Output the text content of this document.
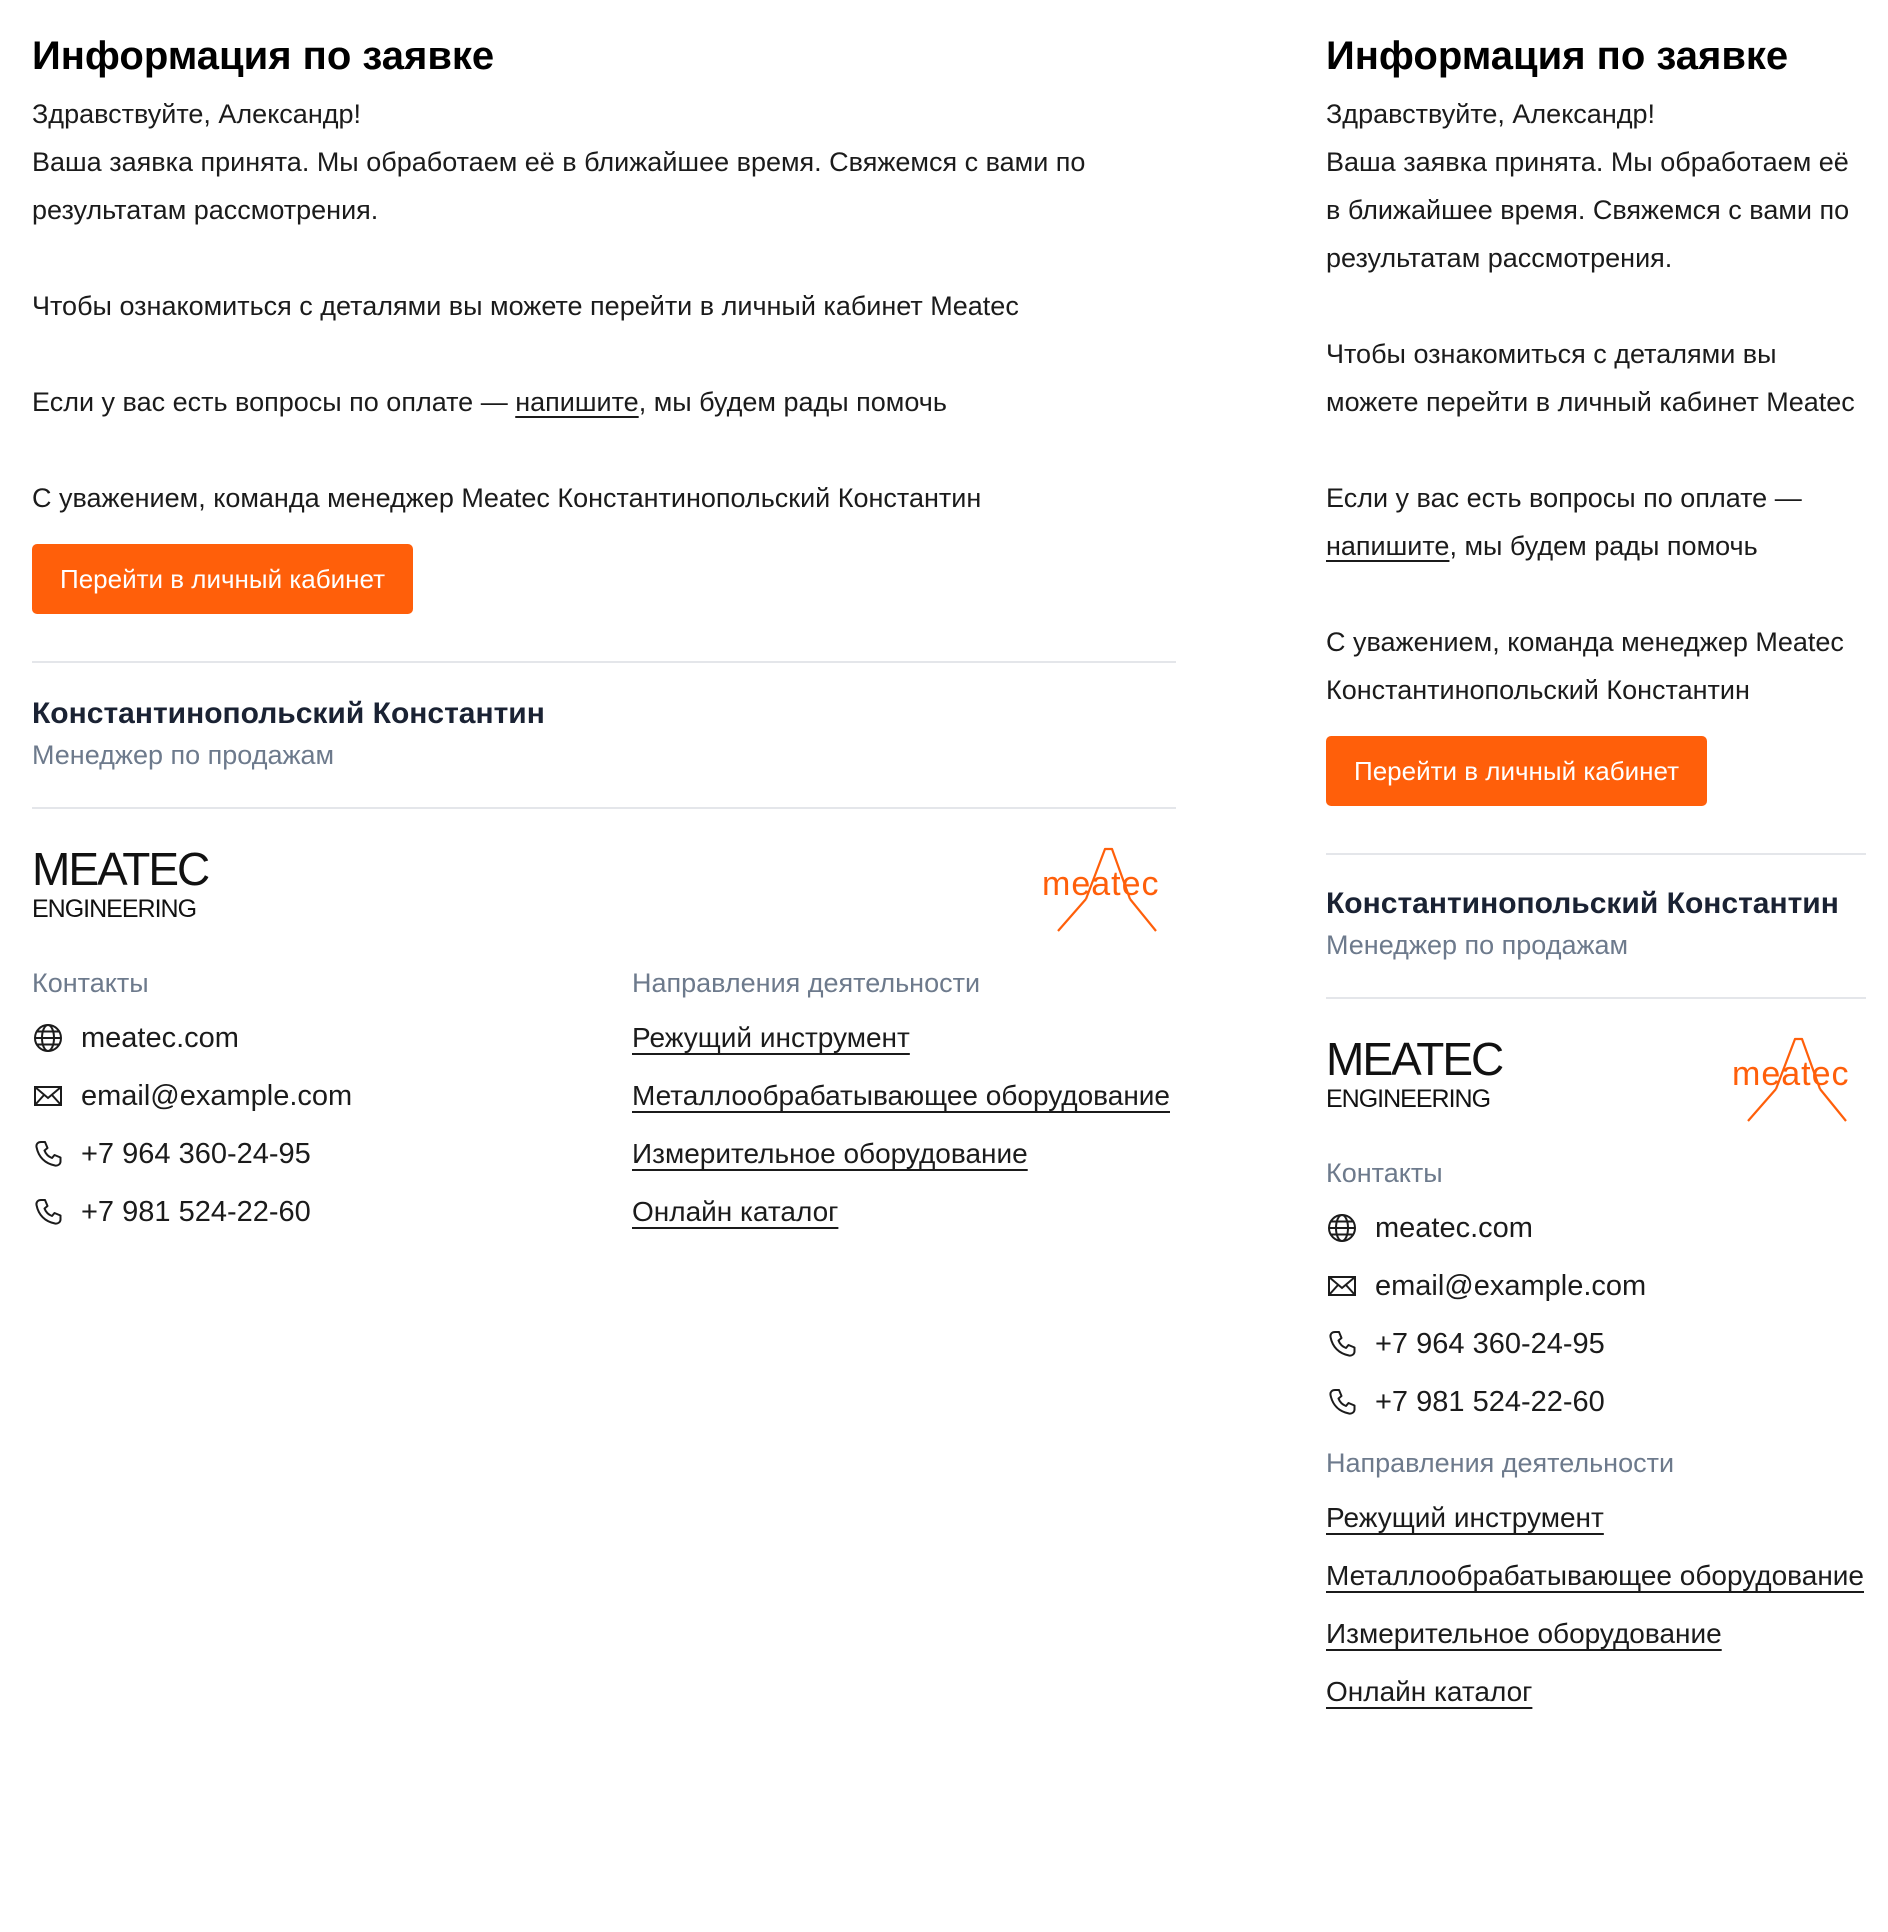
Информация по заявке

Здравствуйте, Александр!

Ваша заявка принята. Мы обработаем её в ближайшее время. Свяжемся с вами по результатам рассмотрения.

Чтобы ознакомиться с деталями вы можете перейти в личный кабинет Meatec

Если у вас есть вопросы по оплате — напишите, мы будем рады помочь

С уважением, команда менеджер Meatec Константинопольский Константин

Перейти в личный кабинет
Константинопольский Константин
Менеджер по продажам
MEATEC
ENGINEERING
meatec
Контакты
meatec.com
email@example.com
+7 964 360-24-95
+7 981 524-22-60
Направления деятельности
Режущий инструмент
Металлообрабатывающее оборудование
Измерительное оборудование
Онлайн каталог
Информация по заявке

Здравствуйте, Александр!

Ваша заявка принята. Мы обработаем её в ближайшее время. Свяжемся с вами по результатам рассмотрения.

Чтобы ознакомиться с деталями вы можете перейти в личный кабинет Meatec

Если у вас есть вопросы по оплате — напишите, мы будем рады помочь

С уважением, команда менеджер Meatec Константинопольский Константин

Перейти в личный кабинет
Константинопольский Константин
Менеджер по продажам
MEATEC
ENGINEERING
meatec
Контакты
meatec.com
email@example.com
+7 964 360-24-95
+7 981 524-22-60
Направления деятельности
Режущий инструмент
Металлообрабатывающее оборудование
Измерительное оборудование
Онлайн каталог
